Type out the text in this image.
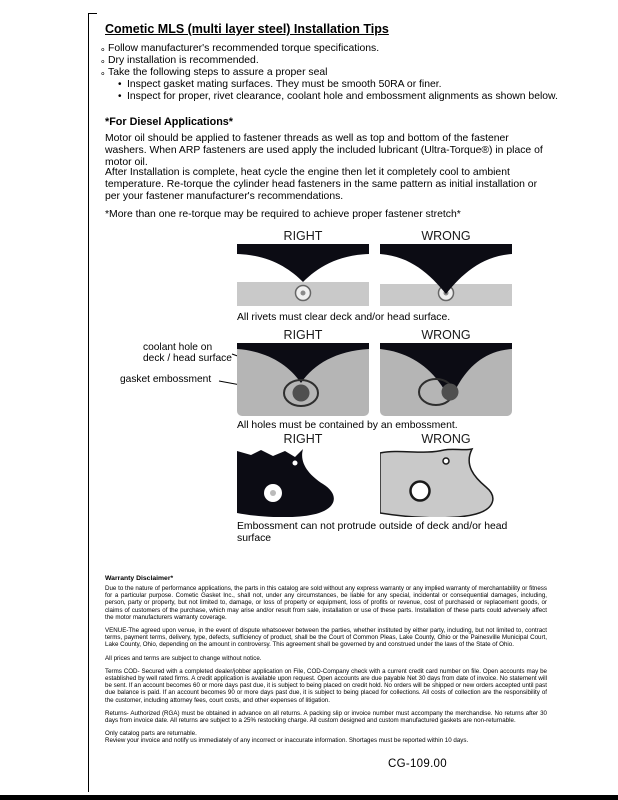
Cometic MLS (multi layer steel) Installation Tips
∘ Follow manufacturer's recommended torque specifications.
∘ Dry installation is recommended.
∘ Take the following steps to assure a proper seal
• Inspect gasket mating surfaces. They must be smooth 50RA or finer.
• Inspect for proper, rivet clearance, coolant hole and embossment alignments as shown below.
*For Diesel Applications*
Motor oil should be applied to fastener threads as well as top and bottom of the fastener washers. When ARP fasteners are used apply the included lubricant (Ultra-Torque®) in place of motor oil.
After Installation is complete, heat cycle the engine then let it completely cool to ambient temperature. Re-torque the cylinder head fasteners in the same pattern as initial installation or per your fastener manufacturer's recommendations.
*More than one re-torque may be required to achieve proper fastener stretch*
RIGHT	WRONG
All rivets must clear deck and/or head surface.
RIGHT	WRONG
coolant hole on deck / head surface
gasket embossment
All holes must be contained by an embossment.
RIGHT	WRONG
Embossment can not protrude outside of deck and/or head surface
Warranty Disclaimer*

Due to the nature of performance applications, the parts in this catalog are sold without any express warranty or any implied warranty of merchantability or fitness for a particular purpose. Cometic Gasket Inc., shall not, under any circumstances, be liable for any special, incidental or consequential damages, including, person, party or property, but not limited to, damage, or loss of property or equipment, loss of profits or revenue, cost of purchased or replacement goods, or claims of customers of the purchase, which may arise and/or result from sale, installation or use of these parts. Installation of these parts could adversely affect the motor manufacturers warranty coverage.

VENUE-The agreed upon venue, in the event of dispute whatsoever between the parties, whether instituted by either party, including, but not limited to, contract terms, payment terms, delivery, type, defects, sufficiency of product, shall be the Court of Common Pleas, Lake County, Ohio or the Painesville Municipal Court, Lake County, Ohio, depending on the amount in controversy. This agreement shall be governed by and construed under the laws of the State of Ohio.

All prices and terms are subject to change without notice.

Terms COD- Secured with a completed dealer/jobber application on File, COD-Company check with a current credit card number on file. Open accounts may be established by well rated firms. A credit application is available upon request. Open accounts are due payable Net 30 days from date of invoice. No statement will be sent. If an account becomes 60 or more days past due, it is subject to being placed on credit hold. No orders will be shipped or new orders accepted until past due balance is paid. If an account becomes 90 or more days past due, it is subject to being placed for collections. All costs of collection are the responsibility of the customer, including attorney fees, court costs, and other expenses of litigation.

Returns- Authorized (RGA) must be obtained in advance on all returns. A packing slip or invoice number must accompany the merchandise. No returns after 30 days from invoice date. All returns are subject to a 25% restocking charge. All custom designed and custom manufactured gaskets are non-returnable.

Only catalog parts are returnable.

Review your invoice and notify us immediately of any incorrect or inaccurate information. Shortages must be reported within 10 days.

CG-109.00
